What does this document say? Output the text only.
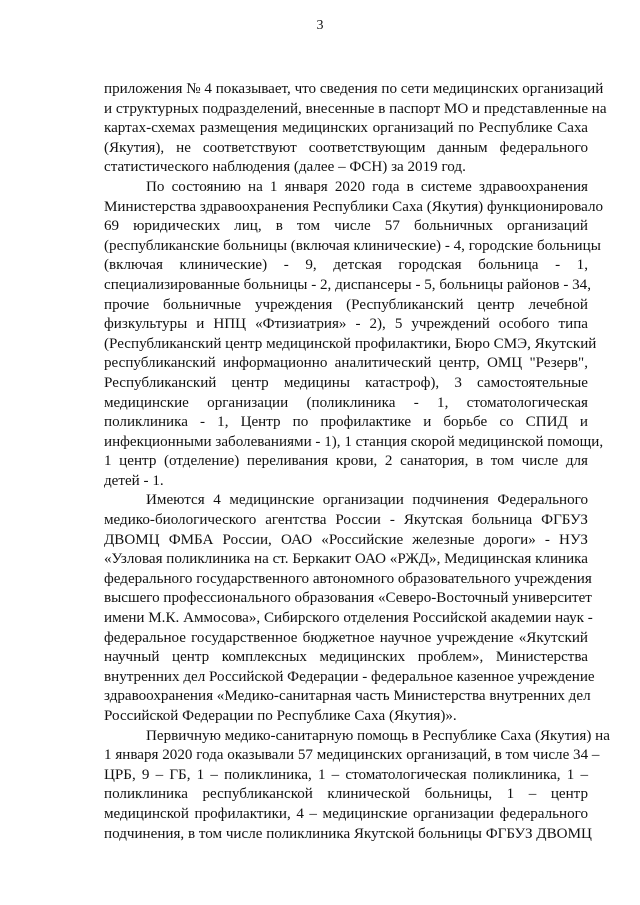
3
приложения № 4 показывает, что сведения по сети медицинских организаций
и структурных подразделений, внесенные в паспорт МО и представленные на
картах-схемах размещения медицинских организаций по Республике Саха
(Якутия), не соответствуют соответствующим данным федерального
статистического наблюдения (далее – ФСН) за 2019 год.
По состоянию на 1 января 2020 года в системе здравоохранения
Министерства здравоохранения Республики Саха (Якутия) функционировало
69 юридических лиц, в том числе 57 больничных организаций
(республиканские больницы (включая клинические) - 4, городские больницы
(включая клинические) - 9, детская городская больница - 1,
специализированные больницы - 2, диспансеры - 5, больницы районов - 34,
прочие больничные учреждения (Республиканский центр лечебной
физкультуры и НПЦ «Фтизиатрия» - 2), 5 учреждений особого типа
(Республиканский центр медицинской профилактики, Бюро СМЭ, Якутский
республиканский информационно аналитический центр, ОМЦ "Резерв",
Республиканский центр медицины катастроф), 3 самостоятельные
медицинские организации (поликлиника - 1, стоматологическая
поликлиника - 1, Центр по профилактике и борьбе со СПИД и
инфекционными заболеваниями - 1), 1 станция скорой медицинской помощи,
1 центр (отделение) переливания крови, 2 санатория, в том числе для
детей - 1.
Имеются 4 медицинские организации подчинения Федерального
медико-биологического агентства России - Якутская больница ФГБУЗ
ДВОМЦ ФМБА России, ОАО «Российские железные дороги» - НУЗ
«Узловая поликлиника на ст. Беркакит ОАО «РЖД», Медицинская клиника
федерального государственного автономного образовательного учреждения
высшего профессионального образования «Северо-Восточный университет
имени М.К. Аммосова», Сибирского отделения Российской академии наук -
федеральное государственное бюджетное научное учреждение «Якутский
научный центр комплексных медицинских проблем», Министерства
внутренних дел Российской Федерации - федеральное казенное учреждение
здравоохранения «Медико-санитарная часть Министерства внутренних дел
Российской Федерации по Республике Саха (Якутия)».
Первичную медико-санитарную помощь в Республике Саха (Якутия) на
1 января 2020 года оказывали 57 медицинских организаций, в том числе 34 –
ЦРБ, 9 – ГБ, 1 – поликлиника, 1 – стоматологическая поликлиника, 1 –
поликлиника республиканской клинической больницы, 1 – центр
медицинской профилактики, 4 – медицинские организации федерального
подчинения, в том числе поликлиника Якутской больницы ФГБУЗ ДВОМЦ
